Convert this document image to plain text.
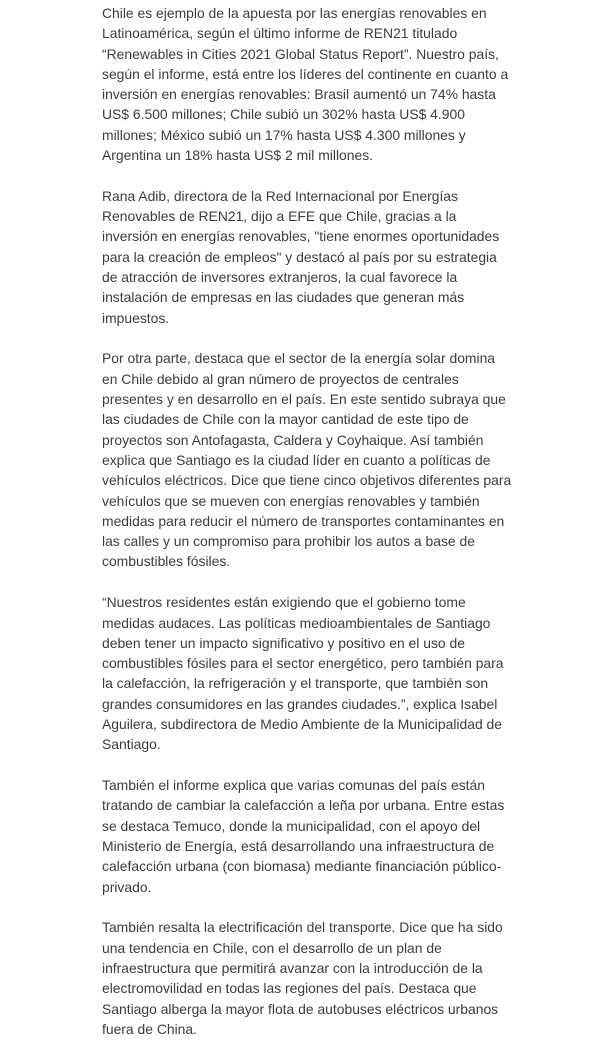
Chile es ejemplo de la apuesta por las energías renovables en Latinoamérica, según el último informe de REN21 titulado “Renewables in Cities 2021 Global Status Report”. Nuestro país, según el informe, está entre los líderes del continente en cuanto a inversión en energías renovables: Brasil aumentó un 74% hasta US$ 6.500 millones; Chile subió un 302% hasta US$ 4.900 millones; México subió un 17% hasta US$ 4.300 millones y Argentina un 18% hasta US$ 2 mil millones.

Rana Adib, directora de la Red Internacional por Energías Renovables de REN21, dijo a EFE que Chile, gracias a la inversión en energías renovables, "tiene enormes oportunidades para la creación de empleos" y destacó al país por su estrategia de atracción de inversores extranjeros, la cual favorece la instalación de empresas en las ciudades que generan más impuestos.

Por otra parte, destaca que el sector de la energía solar domina en Chile debido al gran número de proyectos de centrales presentes y en desarrollo en el país. En este sentido subraya que las ciudades de Chile con la mayor cantidad de este tipo de proyectos son Antofagasta, Caldera y Coyhaique. Así también explica que Santiago es la ciudad líder en cuanto a políticas de vehículos eléctricos. Dice que tiene cinco objetivos diferentes para vehículos que se mueven con energías renovables y también medidas para reducir el número de transportes contaminantes en las calles y un compromiso para prohibir los autos a base de combustibles fósiles.

“Nuestros residentes están exigiendo que el gobierno tome medidas audaces. Las políticas medioambientales de Santiago deben tener un impacto significativo y positivo en el uso de combustibles fósiles para el sector energético, pero también para la calefacción, la refrigeración y el transporte, que también son grandes consumidores en las grandes ciudades.”, explica Isabel Aguilera, subdirectora de Medio Ambiente de la Municipalidad de Santiago.

También el informe explica que varias comunas del país están tratando de cambiar la calefacción a leña por urbana. Entre estas se destaca Temuco, donde la municipalidad, con el apoyo del Ministerio de Energía, está desarrollando una infraestructura de calefacción urbana (con biomasa) mediante financiación público-privado.

También resalta la electrificación del transporte. Dice que ha sido una tendencia en Chile, con el desarrollo de un plan de infraestructura que permitirá avanzar con la introducción de la electromovilidad en todas las regiones del país. Destaca que Santiago alberga la mayor flota de autobuses eléctricos urbanos fuera de China.
